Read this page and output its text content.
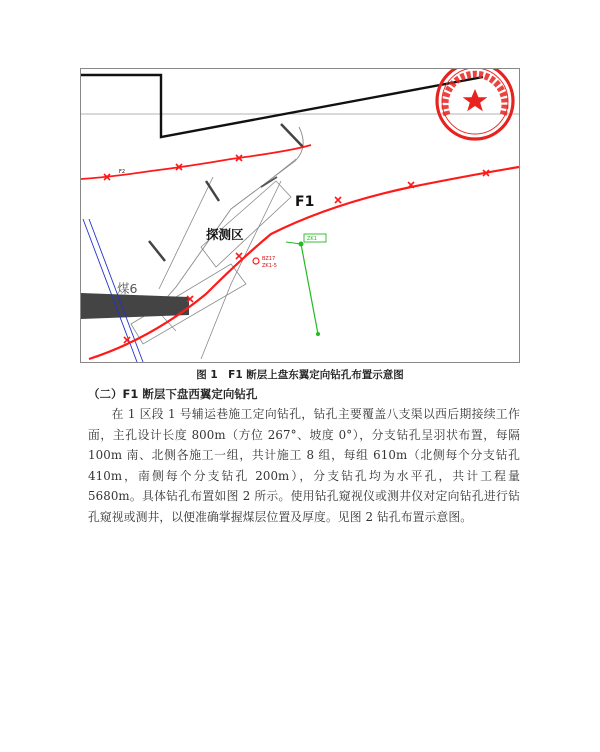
F1
探测区
煤6
F2
BZ17
ZK1-5
ZK1
图 1　F1 断层上盘东翼定向钻孔布置示意图
（二）F1 断层下盘西翼定向钻孔
在 1 区段 1 号辅运巷施工定向钻孔，钻孔主要覆盖八支渠以西后期接续工作面，主孔设计长度 800m（方位 267°、坡度 0°），分支钻孔呈羽状布置，每隔 100m 南、北侧各施工一组，共计施工 8 组，每组 610m（北侧每个分支钻孔 410m，南侧每个分支钻孔 200m），分支钻孔均为水平孔，共计工程量 5680m。具体钻孔布置如图 2 所示。使用钻孔窥视仪或测井仪对定向钻孔进行钻孔窥视或测井，以便准确掌握煤层位置及厚度。见图 2 钻孔布置示意图。
